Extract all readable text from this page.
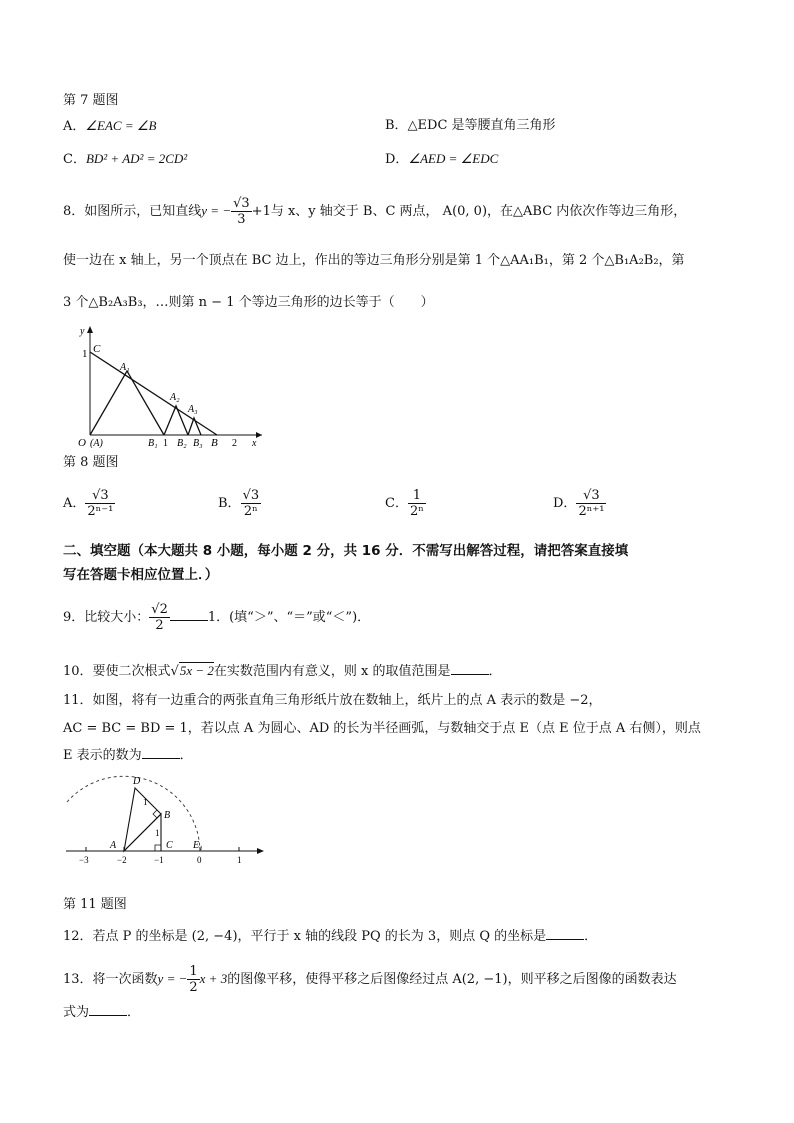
第 7 题图
A．∠EAC = ∠B	B．△EDC 是等腰直角三角形
C．BD² + AD² = 2CD²	D．∠AED = ∠EDC
8．如图所示，已知直线y = − $\frac{√3}{3} +1$与 x、y 轴交于 B、C 两点， A(0, 0)，在△ABC 内依次作等边三角形，
使一边在 x 轴上，另一个顶点在 BC 边上，作出的等边三角形分别是第 1 个△AA₁B₁，第 2 个△B₁A₂B₂，第
3 个△B₂A₃B₃，…则第 n − 1 个等边三角形的边长等于（　　）
y
1 C
A₁
A₂
A₃
O (A)	B₁ 1 B₂ B₃ B 2 x
第 8 题图
A． $\frac{√3}{\text{2ⁿ⁻¹}}$	B． $\frac{√3}{\text{2ⁿ}}$	C． $\frac{1}{\text{2ⁿ}}$	D． $\frac{√3}{\text{2ⁿ⁺¹}}$
二、填空题（本大题共 8 小题，每小题 2 分，共 16 分．不需写出解答过程，请把答案直接填
写在答题卡相应位置上．）
9．比较大小： $\frac{√2}{2}$	1．(填“＞”、“＝”或“＜”)．
10．要使二次根式√5x − 2在实数范围内有意义，则 x 的取值范围是	．
11．如图，将有一边重合的两张直角三角形纸片放在数轴上，纸片上的点 A 表示的数是 −2，
AC = BC = BD = 1，若以点 A 为圆心、AD 的长为半径画弧，与数轴交于点 E（点 E 位于点 A 右侧），则点
E 表示的数为	．
D
B
1
1
A	C E₁
−3	−2	−1	0	1
第 11 题图
12．若点 P 的坐标是 (2, −4)，平行于 x 轴的线段 PQ 的长为 3，则点 Q 的坐标是	．
13．将一次函数y = − $\frac{1}{2}$ x + 3的图像平移，使得平移之后图像经过点 A(2, −1)，则平移之后图像的函数表达
式为	．
